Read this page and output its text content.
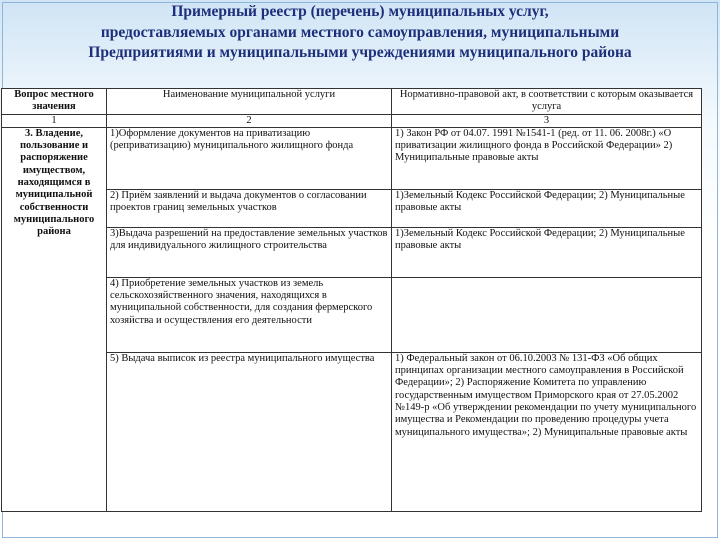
Примерный реестр (перечень) муниципальных услуг,
предоставляемых органами местного самоуправления, муниципальными
Предприятиями и муниципальными учреждениями муниципального района
Вопрос местного значения	Наименование муниципальной услуги	Нормативно-правовой акт, в соответствии с которым оказывается услуга
1	2	3
3. Владение, пользование и распоряжение имуществом, находящимся в муниципальной собственности муниципального района	1)Оформление документов на приватизацию (реприватизацию) муниципального жилищного фонда	1) Закон РФ от 04.07. 1991 №1541-1 (ред. от 11. 06. 2008г.) «О приватизации жилищного фонда в Российской Федерации» 2) Муниципальные правовые акты
	2) Приём заявлений и выдача документов о согласовании проектов границ земельных участков	1)Земельный Кодекс Российской Федерации; 2) Муниципальные правовые акты
	3)Выдача разрешений на предоставление земельных участков для индивидуального жилищного строительства	1)Земельный Кодекс Российской Федерации; 2) Муниципальные правовые акты
	4) Приобретение земельных участков из земель сельскохозяйственного значения, находящихся в муниципальной собственности, для создания фермерского хозяйства и осуществления его деятельности	
	5) Выдача выписок из реестра муниципального имущества	1) Федеральный закон от 06.10.2003 № 131-ФЗ «Об общих принципах организации местного самоуправления в Российской Федерации»; 2) Распоряжение Комитета по управлению государственным имуществом Приморского края от 27.05.2002 №149-р «Об утверждении рекомендации по учету муниципального имущества и Рекомендации по проведению процедуры учета муниципального имущества»; 2) Муниципальные правовые акты
